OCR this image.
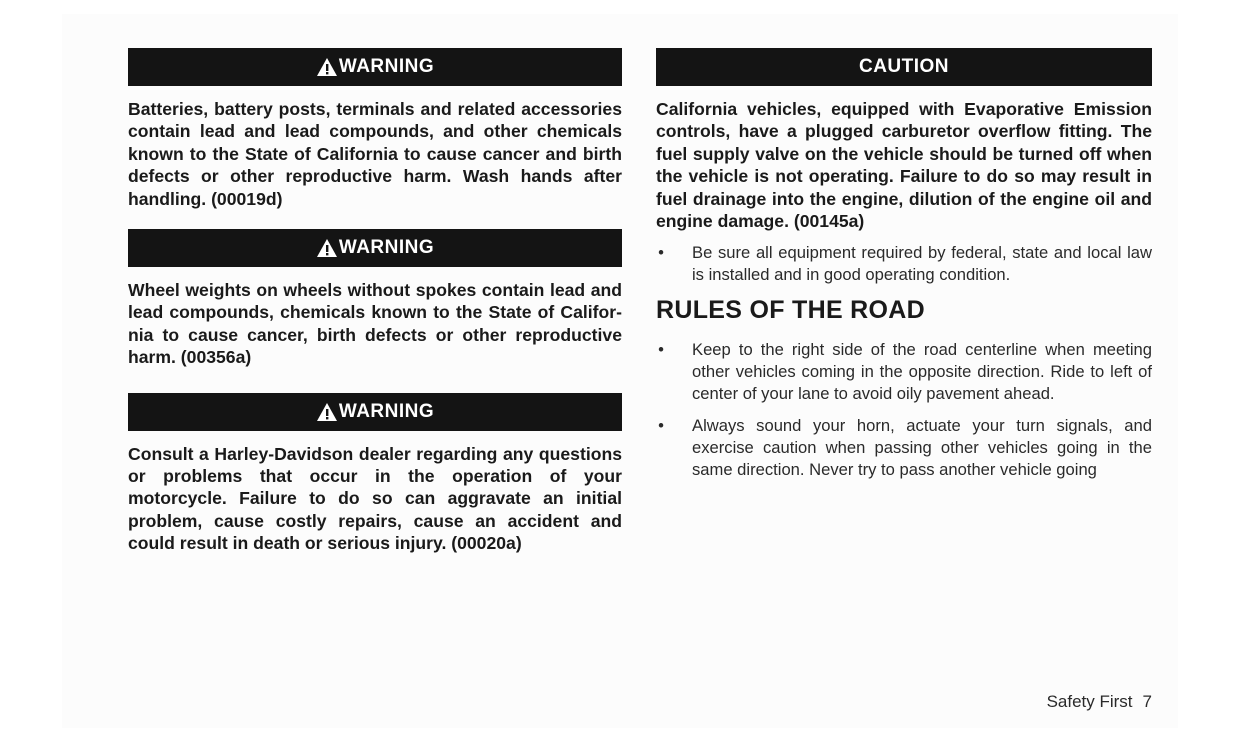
WARNING

Batteries, battery posts, terminals and related accessories contain lead and lead compounds, and other chemicals known to the State of California to cause cancer and birth defects or other reproductive harm. Wash hands after handling. (00019d)

WARNING

Wheel weights on wheels without spokes contain lead and lead compounds, chemicals known to the State of California to cause cancer, birth defects or other reproductive harm. (00356a)

WARNING

Consult a Harley-Davidson dealer regarding any questions or problems that occur in the operation of your motorcycle. Failure to do so can aggravate an initial problem, cause costly repairs, cause an accident and could result in death or serious injury. (00020a)

CAUTION

California vehicles, equipped with Evaporative Emission controls, have a plugged carburetor overflow fitting. The fuel supply valve on the vehicle should be turned off when the vehicle is not operating. Failure to do so may result in fuel drainage into the engine, dilution of the engine oil and engine damage. (00145a)

• Be sure all equipment required by federal, state and local law is installed and in good operating condition.
RULES OF THE ROAD
• Keep to the right side of the road centerline when meeting other vehicles coming in the opposite direction. Ride to left of center of your lane to avoid oily pavement ahead.
• Always sound your horn, actuate your turn signals, and exercise caution when passing other vehicles going in the same direction. Never try to pass another vehicle going
Safety First 7
